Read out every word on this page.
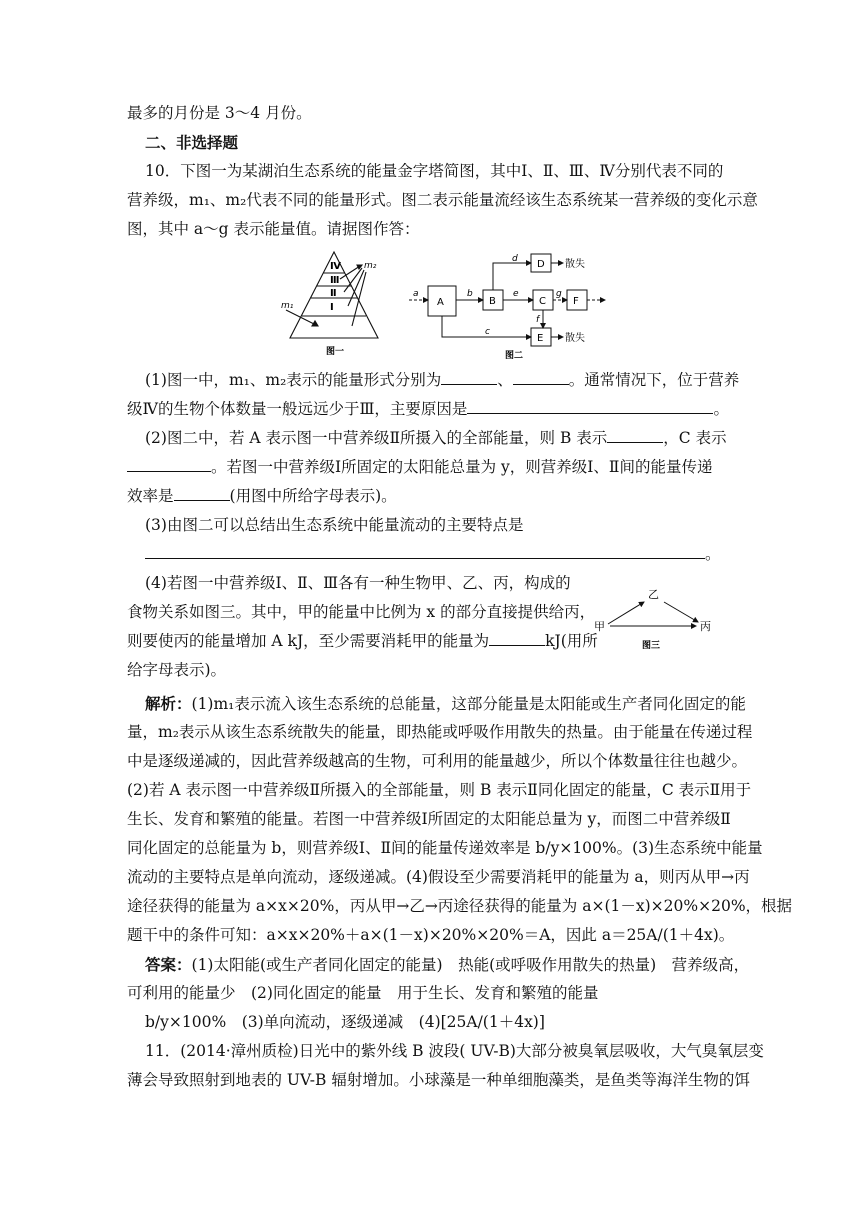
最多的月份是 3～4 月份。

二、非选择题

10．下图一为某湖泊生态系统的能量金字塔简图，其中Ⅰ、Ⅱ、Ⅲ、Ⅳ分别代表不同的

营养级，m₁、m₂代表不同的能量形式。图二表示能量流经该生态系统某一营养级的变化示意

图，其中 a～g 表示能量值。请据图作答：

Ⅳ
Ⅲ
Ⅱ
Ⅰ
m₁
m₂
图一
A	B	C
D
F
E
a	b
c
d
e
f
g
散失
散失
图二

(1)图一中，m₁、m₂表示的能量形式分别为	、	。通常情况下，位于营养

级Ⅳ的生物个体数量一般远远少于Ⅲ，主要原因是	。

(2)图二中，若 A 表示图一中营养级Ⅱ所摄入的全部能量，则 B 表示	，C 表示

。若图一中营养级Ⅰ所固定的太阳能总量为 y，则营养级Ⅰ、Ⅱ间的能量传递

效率是	(用图中所给字母表示)。

(3)由图二可以总结出生态系统中能量流动的主要特点是

。

(4)若图一中营养级Ⅰ、Ⅱ、Ⅲ各有一种生物甲、乙、丙，构成的

食物关系如图三。其中，甲的能量中比例为 x 的部分直接提供给丙，

则要使丙的能量增加 A kJ，至少需要消耗甲的能量为	kJ(用所

给字母表示)。

甲
乙
丙
图三

解析：(1)m₁表示流入该生态系统的总能量，这部分能量是太阳能或生产者同化固定的能

量，m₂表示从该生态系统散失的能量，即热能或呼吸作用散失的热量。由于能量在传递过程

中是逐级递减的，因此营养级越高的生物，可利用的能量越少，所以个体数量往往也越少。

(2)若 A 表示图一中营养级Ⅱ所摄入的全部能量，则 B 表示Ⅱ同化固定的能量，C 表示Ⅱ用于

生长、发育和繁殖的能量。若图一中营养级Ⅰ所固定的太阳能总量为 y，而图二中营养级Ⅱ

同化固定的总能量为 b，则营养级Ⅰ、Ⅱ间的能量传递效率是 b/y×100%。(3)生态系统中能量

流动的主要特点是单向流动，逐级递减。(4)假设至少需要消耗甲的能量为 a，则丙从甲→丙

途径获得的能量为 a×x×20%，丙从甲→乙→丙途径获得的能量为 a×(1－x)×20%×20%，根据

题干中的条件可知：a×x×20%＋a×(1－x)×20%×20%＝A，因此 a＝25A/(1＋4x)。

答案：(1)太阳能(或生产者同化固定的能量)　热能(或呼吸作用散失的热量)　营养级高，

可利用的能量少　(2)同化固定的能量　用于生长、发育和繁殖的能量

b/y×100%　(3)单向流动，逐级递减　(4)[25A/(1＋4x)]

11．(2014·漳州质检)日光中的紫外线 B 波段( UV-B)大部分被臭氧层吸收，大气臭氧层变

薄会导致照射到地表的 UV-B 辐射增加。小球藻是一种单细胞藻类，是鱼类等海洋生物的饵
